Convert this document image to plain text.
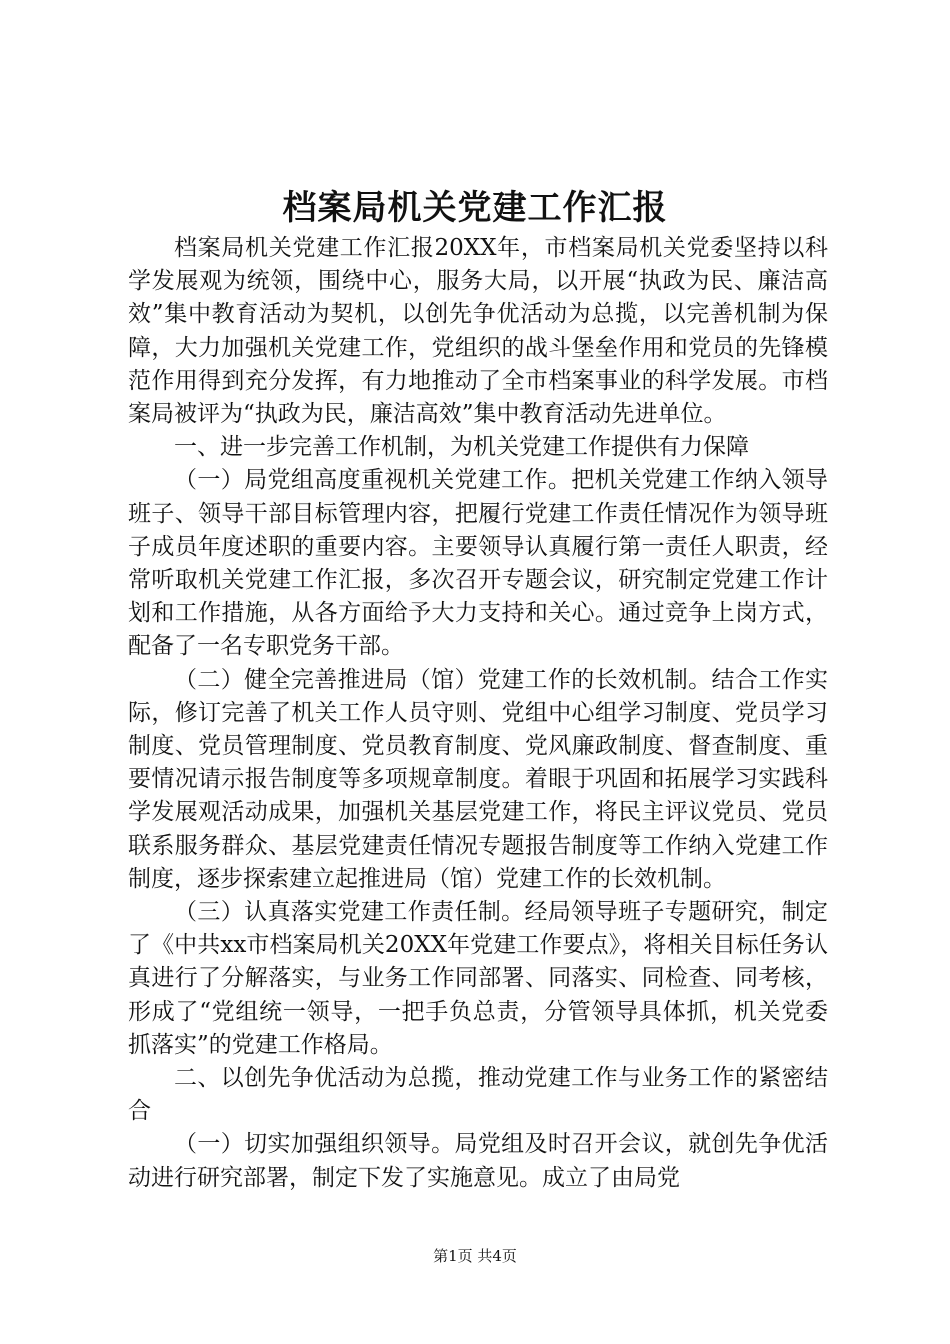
档案局机关党建工作汇报

档案局机关党建工作汇报20XX年，市档案局机关党委坚持以科学发展观为统领，围绕中心，服务大局，以开展“执政为民、廉洁高效”集中教育活动为契机，以创先争优活动为总揽，以完善机制为保障，大力加强机关党建工作，党组织的战斗堡垒作用和党员的先锋模范作用得到充分发挥，有力地推动了全市档案事业的科学发展。市档案局被评为“执政为民，廉洁高效”集中教育活动先进单位。

一、进一步完善工作机制，为机关党建工作提供有力保障

（一）局党组高度重视机关党建工作。把机关党建工作纳入领导班子、领导干部目标管理内容，把履行党建工作责任情况作为领导班子成员年度述职的重要内容。主要领导认真履行第一责任人职责，经常听取机关党建工作汇报，多次召开专题会议，研究制定党建工作计划和工作措施，从各方面给予大力支持和关心。通过竞争上岗方式，配备了一名专职党务干部。

（二）健全完善推进局（馆）党建工作的长效机制。结合工作实际，修订完善了机关工作人员守则、党组中心组学习制度、党员学习制度、党员管理制度、党员教育制度、党风廉政制度、督查制度、重要情况请示报告制度等多项规章制度。着眼于巩固和拓展学习实践科学发展观活动成果，加强机关基层党建工作，将民主评议党员、党员联系服务群众、基层党建责任情况专题报告制度等工作纳入党建工作制度，逐步探索建立起推进局（馆）党建工作的长效机制。

（三）认真落实党建工作责任制。经局领导班子专题研究，制定了《中共xx市档案局机关20XX年党建工作要点》，将相关目标任务认真进行了分解落实，与业务工作同部署、同落实、同检查、同考核，形成了“党组统一领导，一把手负总责，分管领导具体抓，机关党委抓落实”的党建工作格局。

二、以创先争优活动为总揽，推动党建工作与业务工作的紧密结合

（一）切实加强组织领导。局党组及时召开会议，就创先争优活动进行研究部署，制定下发了实施意见。成立了由局党

第1页 共4页
